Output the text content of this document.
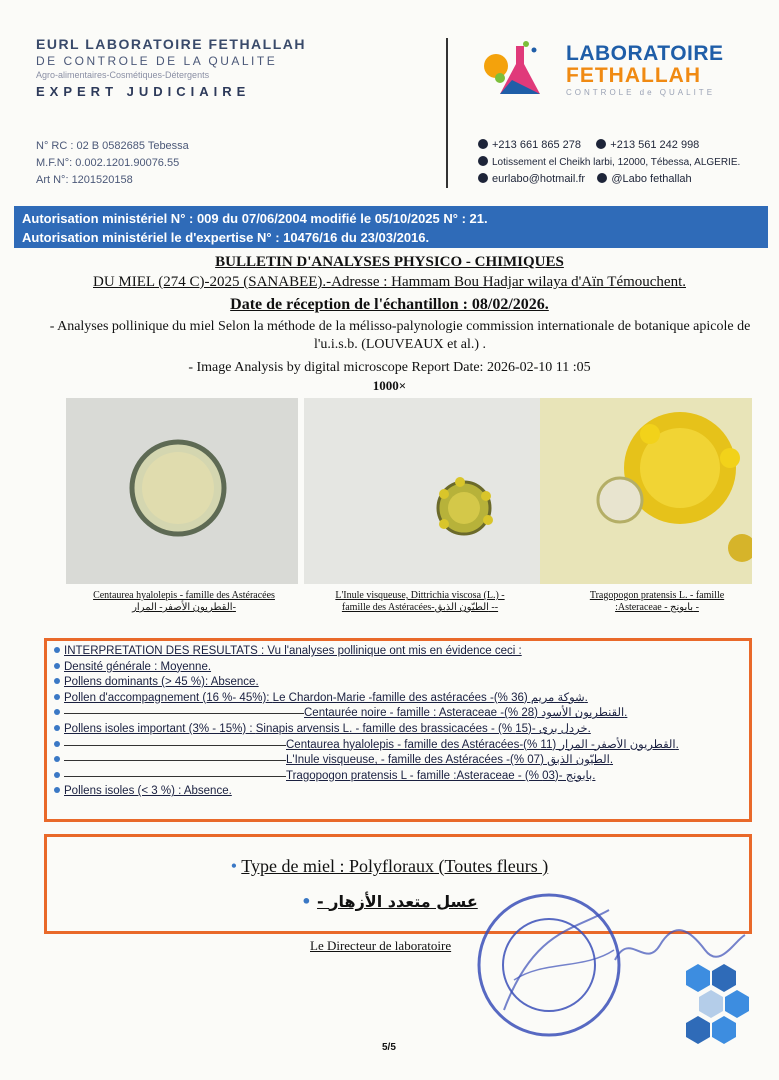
EURL LABORATOIRE FETHALLAH
DE CONTROLE DE LA QUALITE
Agro-alimentaires-Cosmétiques-Détergents
EXPERT JUDICIAIRE
N° RC : 02 B 0582685 Tebessa
M.F.N°: 0.002.1201.90076.55
Art N°: 1201520158
LABORATOIRE
FETHALLAH
CONTROLE de QUALITE
+213 661 865 278	+213 561 242 998
Lotissement el Cheikh larbi, 12000, Tébessa, ALGERIE.
eurlabo@hotmail.fr @Labo fethallah
Autorisation ministériel N° : 009 du 07/06/2004 modifié le 05/10/2025 N° : 21.
Autorisation ministériel le d'expertise N° : 10476/16 du 23/03/2016.
BULLETIN D'ANALYSES PHYSICO - CHIMIQUES
DU MIEL (274 C)-2025 (SANABEE).-Adresse : Hammam Bou Hadjar wilaya d'Aïn Témouchent.
Date de réception de l'échantillon : 08/02/2026.
- Analyses pollinique du miel Selon la méthode de la mélisso-palynologie commission internationale de botanique apicole de l'u.i.s.b. (LOUVEAUX et al.) .
- Image Analysis by digital microscope Report Date: 2026-02-10 11 :05
1000×
Centaurea hyalolepis - famille des Astéracées
القطريون الأصفر- المرار-
L'Inule visqueuse, Dittrichia viscosa (L.) -
famille des Astéracées-الطيّون الذبق --
Tragopogon pratensis L. - famille
:Asteraceae - بابونج -
INTERPRETATION DES RESULTATS : Vu l'analyses pollinique ont mis en évidence ceci :
Densité générale : Moyenne.
Pollens dominants (> 45 %): Absence.
Pollen d'accompagnement (16 %- 45%): Le Chardon-Marie -famille des astéracées -شوكة مريم (36 %).
Centaurée noire - famille : Asteraceae -القنطريون الأسود (28 %).
Pollens isoles important (3% - 15%) : Sinapis arvensis L. - famille des brassicacées - خردل برى -(15 %).
Centaurea hyalolepis - famille des Astéracées-القطريون الأصفر- المرار (11 %).
L'Inule visqueuse, - famille des Astéracées -الطيّون الذبق (07 %).
Tragopogon pratensis L - famille :Asteraceae - بابونج -(03 %).
Pollens isoles (< 3 %) : Absence.
• Type de miel : Polyfloraux (Toutes fleurs )
• - عسل متعدد الأزهار
Le Directeur de laboratoire
5/5
